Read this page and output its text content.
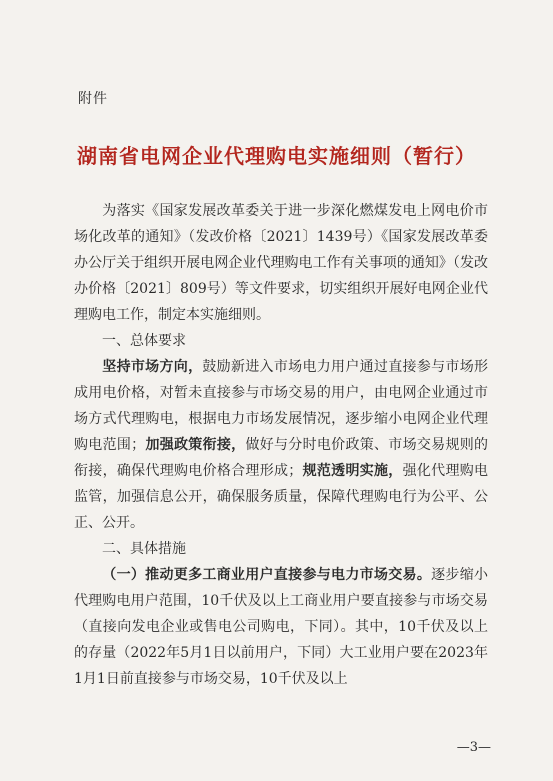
附件
湖南省电网企业代理购电实施细则（暂行）

为落实《国家发展改革委关于进一步深化燃煤发电上网电价市场化改革的通知》（发改价格〔2021〕1439号）《国家发展改革委办公厅关于组织开展电网企业代理购电工作有关事项的通知》（发改办价格〔2021〕809号）等文件要求，切实组织开展好电网企业代理购电工作，制定本实施细则。

一、总体要求

坚持市场方向，鼓励新进入市场电力用户通过直接参与市场形成用电价格，对暂未直接参与市场交易的用户，由电网企业通过市场方式代理购电，根据电力市场发展情况，逐步缩小电网企业代理购电范围；加强政策衔接，做好与分时电价政策、市场交易规则的衔接，确保代理购电价格合理形成；规范透明实施，强化代理购电监管，加强信息公开，确保服务质量，保障代理购电行为公平、公正、公开。

二、具体措施

（一）推动更多工商业用户直接参与电力市场交易。逐步缩小代理购电用户范围，10千伏及以上工商业用户要直接参与市场交易（直接向发电企业或售电公司购电，下同）。其中，10千伏及以上的存量（2022年5月1日以前用户，下同）大工业用户要在2023年1月1日前直接参与市场交易，10千伏及以上

—3—
